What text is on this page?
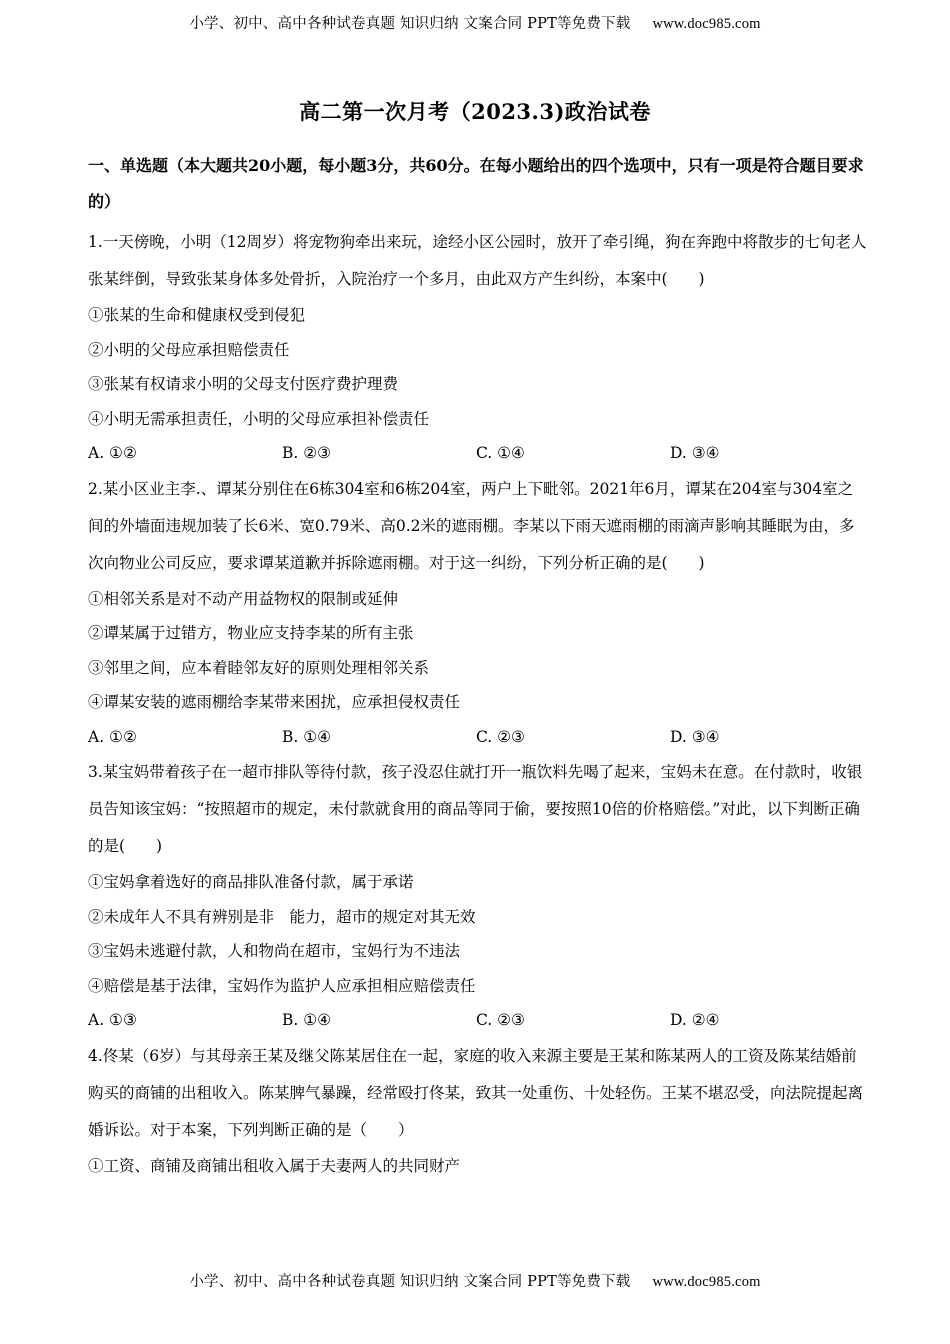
小学、初中、高中各种试卷真题 知识归纳 文案合同 PPT等免费下载 www.doc985.com
高二第一次月考（2023.3)政治试卷
一、单选题（本大题共20小题，每小题3分，共60分。在每小题给出的四个选项中，只有一项是符合题目要求的）
1.一天傍晚，小明（12周岁）将宠物狗牵出来玩，途经小区公园时，放开了牵引绳，狗在奔跑中将散步的七旬老人张某绊倒，导致张某身体多处骨折，入院治疗一个多月，由此双方产生纠纷，本案中(　　)
①张某的生命和健康权受到侵犯
②小明的父母应承担赔偿责任
③张某有权请求小明的父母支付医疗费护理费
④小明无需承担责任，小明的父母应承担补偿责任
A. ①②	B. ②③	C. ①④	D. ③④
2.某小区业主李.、谭某分别住在6栋304室和6栋204室，两户上下毗邻。2021年6月，谭某在204室与304室之间的外墙面违规加装了长6米、宽0.79米、高0.2米的遮雨棚。李某以下雨天遮雨棚的雨滴声影响其睡眠为由，多次向物业公司反应，要求谭某道歉并拆除遮雨棚。对于这一纠纷，下列分析正确的是(　　)
①相邻关系是对不动产用益物权的限制或延伸
②谭某属于过错方，物业应支持李某的所有主张
③邻里之间，应本着睦邻友好的原则处理相邻关系
④谭某安装的遮雨棚给李某带来困扰，应承担侵权责任
A. ①②	B. ①④	C. ②③	D. ③④
3.某宝妈带着孩子在一超市排队等待付款，孩子没忍住就打开一瓶饮料先喝了起来，宝妈未在意。在付款时，收银员告知该宝妈：“按照超市的规定，未付款就食用的商品等同于偷，要按照10倍的价格赔偿。”对此，以下判断正确的是(　　)
①宝妈拿着选好的商品排队准备付款，属于承诺
②未成年人不具有辨别是非　能力，超市的规定对其无效
③宝妈未逃避付款，人和物尚在超市，宝妈行为不违法
④赔偿是基于法律，宝妈作为监护人应承担相应赔偿责任
A. ①③	B. ①④	C. ②③	D. ②④
4.佟某（6岁）与其母亲王某及继父陈某居住在一起，家庭的收入来源主要是王某和陈某两人的工资及陈某结婚前购买的商铺的出租收入。陈某脾气暴躁，经常殴打佟某，致其一处重伤、十处轻伤。王某不堪忍受，向法院提起离婚诉讼。对于本案，下列判断正确的是（　　）
①工资、商铺及商铺出租收入属于夫妻两人的共同财产
小学、初中、高中各种试卷真题 知识归纳 文案合同 PPT等免费下载 www.doc985.com
